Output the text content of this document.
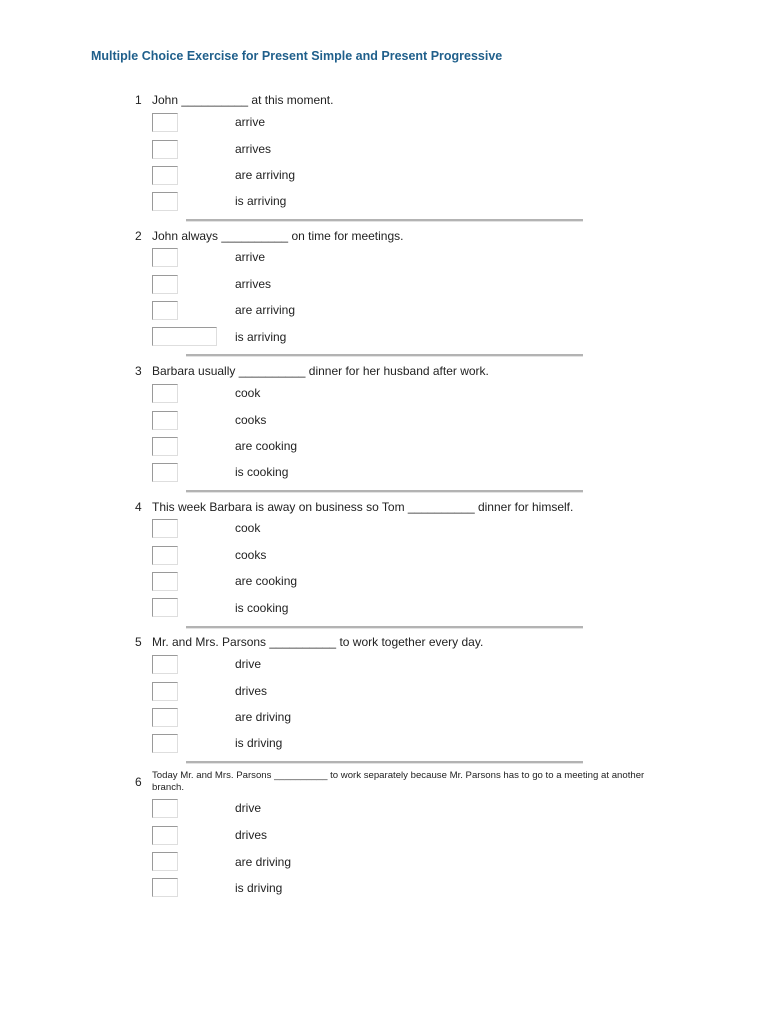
Multiple Choice Exercise for Present Simple and Present Progressive
1 John __________ at this moment.
arrive
arrives
are arriving
is arriving
2 John always __________ on time for meetings.
arrive
arrives
are arriving
is arriving
3 Barbara usually __________ dinner for her husband after work.
cook
cooks
are cooking
is cooking
4 This week Barbara is away on business so Tom __________ dinner for himself.
cook
cooks
are cooking
is cooking
5 Mr. and Mrs. Parsons __________ to work together every day.
drive
drives
are driving
is driving
6 Today Mr. and Mrs. Parsons __________ to work separately because Mr. Parsons has to go to a meeting at another branch.
drive
drives
are driving
is driving
